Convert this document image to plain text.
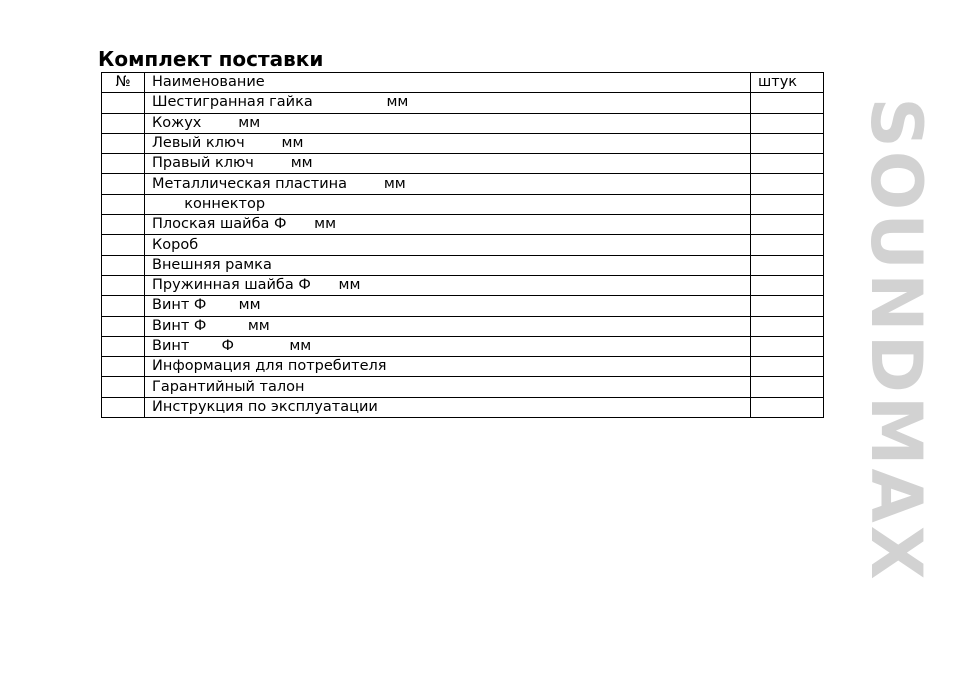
Комплект поставки
№	Наименование	штук
	Шестигранная гайка                мм	
	Кожух        мм	
	Левый ключ        мм	
	Правый ключ        мм	
	Металлическая пластина        мм	
	коннектор	
	Плоская шайба Ф      мм	
	Короб	
	Внешняя рамка	
	Пружинная шайба Ф      мм	
	Винт Ф       мм	
	Винт Ф         мм	
	Винт       Ф            мм	
	Информация для потребителя	
	Гарантийный талон	
	Инструкция по эксплуатации		SOUNDMAX
